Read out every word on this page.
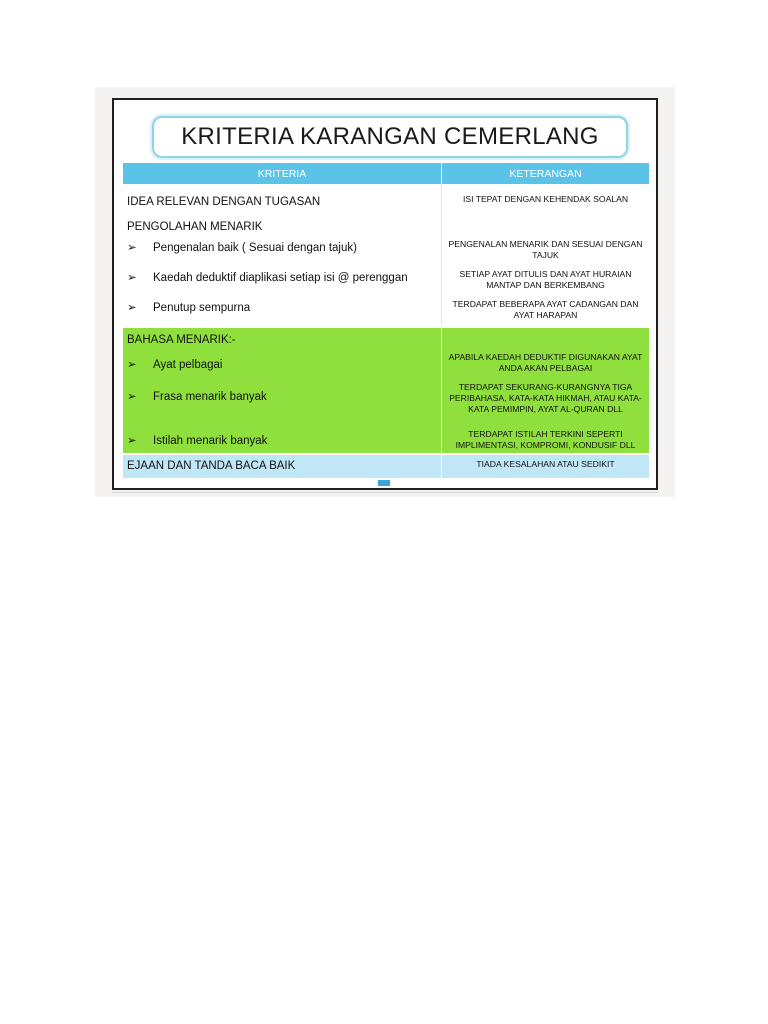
KRITERIA KARANGAN CEMERLANG
KRITERIA	KETERANGAN
IDEA RELEVAN DENGAN TUGASAN
PENGOLAHAN MENARIK
➢ Pengenalan baik ( Sesuai dengan tajuk)
➢ Kaedah deduktif diaplikasi setiap isi @ perenggan
➢ Penutup sempurna
ISI TEPAT DENGAN KEHENDAK SOALAN
PENGENALAN MENARIK DAN SESUAI DENGAN TAJUK
SETIAP AYAT DITULIS DAN AYAT HURAIAN MANTAP DAN BERKEMBANG
TERDAPAT BEBERAPA AYAT CADANGAN DAN AYAT HARAPAN
BAHASA MENARIK:-
➢ Ayat pelbagai
➢ Frasa menarik banyak
➢ Istilah menarik banyak
APABILA KAEDAH DEDUKTIF DIGUNAKAN AYAT ANDA AKAN PELBAGAI
TERDAPAT SEKURANG-KURANGNYA TIGA PERIBAHASA, KATA-KATA HIKMAH, ATAU KATA-KATA PEMIMPIN, AYAT AL-QURAN DLL
TERDAPAT ISTILAH TERKINI SEPERTI IMPLIMENTASI, KOMPROMI, KONDUSIF DLL
EJAAN DAN TANDA BACA BAIK	TIADA KESALAHAN ATAU SEDIKIT
